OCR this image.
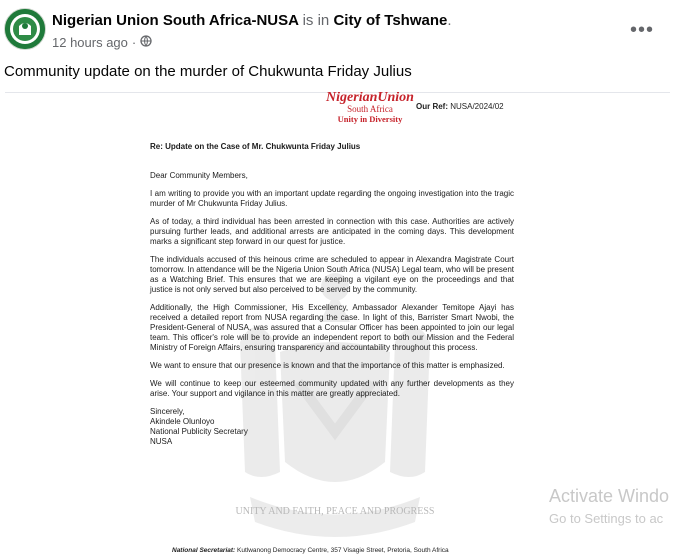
Nigerian Union South Africa-NUSA is in City of Tshwane.
12 hours ago ·
•••
Community update on the murder of Chukwunta Friday Julius
UNITY AND FAITH, PEACE AND PROGRESS
NigerianUnion
South Africa
Unity in Diversity
Our Ref: NUSA/2024/02

Re: Update on the Case of Mr. Chukwunta Friday Julius

Dear Community Members,

I am writing to provide you with an important update regarding the ongoing investigation into the tragic murder of Mr Chukwunta Friday Julius.

As of today, a third individual has been arrested in connection with this case. Authorities are actively pursuing further leads, and additional arrests are anticipated in the coming days. This development marks a significant step forward in our quest for justice.

The individuals accused of this heinous crime are scheduled to appear in Alexandra Magistrate Court tomorrow. In attendance will be the Nigeria Union South Africa (NUSA) Legal team, who will be present as a Watching Brief. This ensures that we are keeping a vigilant eye on the proceedings and that justice is not only served but also perceived to be served by the community.

Additionally, the High Commissioner, His Excellency, Ambassador Alexander Temitope Ajayi has received a detailed report from NUSA regarding the case. In light of this, Barrister Smart Nwobi, the President-General of NUSA, was assured that a Consular Officer has been appointed to join our legal team. This officer's role will be to provide an independent report to both our Mission and the Federal Ministry of Foreign Affairs, ensuring transparency and accountability throughout this process.

We want to ensure that our presence is known and that the importance of this matter is emphasized.

We will continue to keep our esteemed community updated with any further developments as they arise. Your support and vigilance in this matter are greatly appreciated.

Sincerely,
Akindele Olunloyo
National Publicity Secretary
NUSA
National Secretariat: Kutlwanong Democracy Centre, 357 Visagie Street, Pretoria, South Africa
Activate Windo
Go to Settings to ac
